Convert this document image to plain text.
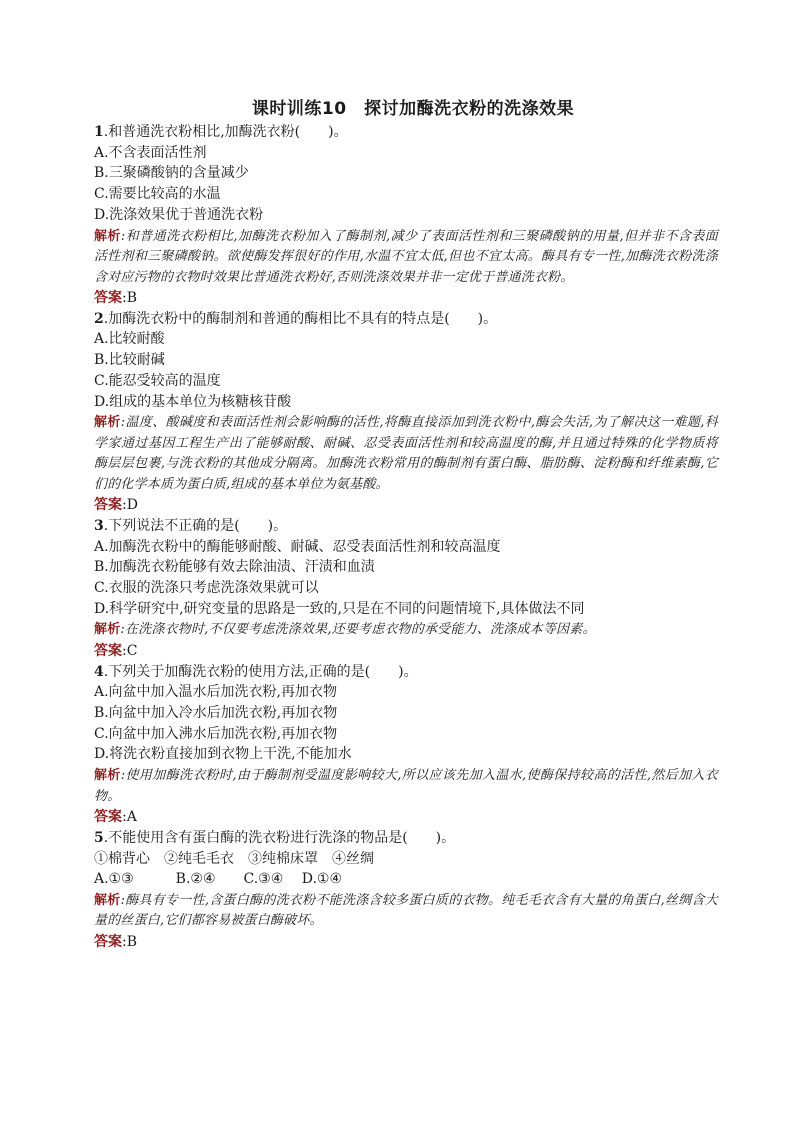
课时训练10　探讨加酶洗衣粉的洗涤效果

1.和普通洗衣粉相比,加酶洗衣粉(　　)。

A.不含表面活性剂

B.三聚磷酸钠的含量减少

C.需要比较高的水温

D.洗涤效果优于普通洗衣粉

解析:和普通洗衣粉相比,加酶洗衣粉加入了酶制剂,减少了表面活性剂和三聚磷酸钠的用量,但并非不含表面活性剂和三聚磷酸钠。欲使酶发挥很好的作用,水温不宜太低,但也不宜太高。酶具有专一性,加酶洗衣粉洗涤含对应污物的衣物时效果比普通洗衣粉好,否则洗涤效果并非一定优于普通洗衣粉。

答案:B

2.加酶洗衣粉中的酶制剂和普通的酶相比不具有的特点是(　　)。

A.比较耐酸

B.比较耐碱

C.能忍受较高的温度

D.组成的基本单位为核糖核苷酸

解析:温度、酸碱度和表面活性剂会影响酶的活性,将酶直接添加到洗衣粉中,酶会失活,为了解决这一难题,科学家通过基因工程生产出了能够耐酸、耐碱、忍受表面活性剂和较高温度的酶,并且通过特殊的化学物质将酶层层包裹,与洗衣粉的其他成分隔离。加酶洗衣粉常用的酶制剂有蛋白酶、脂肪酶、淀粉酶和纤维素酶,它们的化学本质为蛋白质,组成的基本单位为氨基酸。

答案:D

3.下列说法不正确的是(　　)。

A.加酶洗衣粉中的酶能够耐酸、耐碱、忍受表面活性剂和较高温度

B.加酶洗衣粉能够有效去除油渍、汗渍和血渍

C.衣服的洗涤只考虑洗涤效果就可以

D.科学研究中,研究变量的思路是一致的,只是在不同的问题情境下,具体做法不同

解析:在洗涤衣物时,不仅要考虑洗涤效果,还要考虑衣物的承受能力、洗涤成本等因素。

答案:C

4.下列关于加酶洗衣粉的使用方法,正确的是(　　)。

A.向盆中加入温水后加洗衣粉,再加衣物

B.向盆中加入冷水后加洗衣粉,再加衣物

C.向盆中加入沸水后加洗衣粉,再加衣物

D.将洗衣粉直接加到衣物上干洗,不能加水

解析:使用加酶洗衣粉时,由于酶制剂受温度影响较大,所以应该先加入温水,使酶保持较高的活性,然后加入衣物。

答案:A

5.不能使用含有蛋白酶的洗衣粉进行洗涤的物品是(　　)。

①棉背心　②纯毛毛衣　③纯棉床罩　④丝绸

A.①③　　　B.②④　　C.③④　 D.①④

解析:酶具有专一性,含蛋白酶的洗衣粉不能洗涤含较多蛋白质的衣物。纯毛毛衣含有大量的角蛋白,丝绸含大量的丝蛋白,它们都容易被蛋白酶破坏。

答案:B
